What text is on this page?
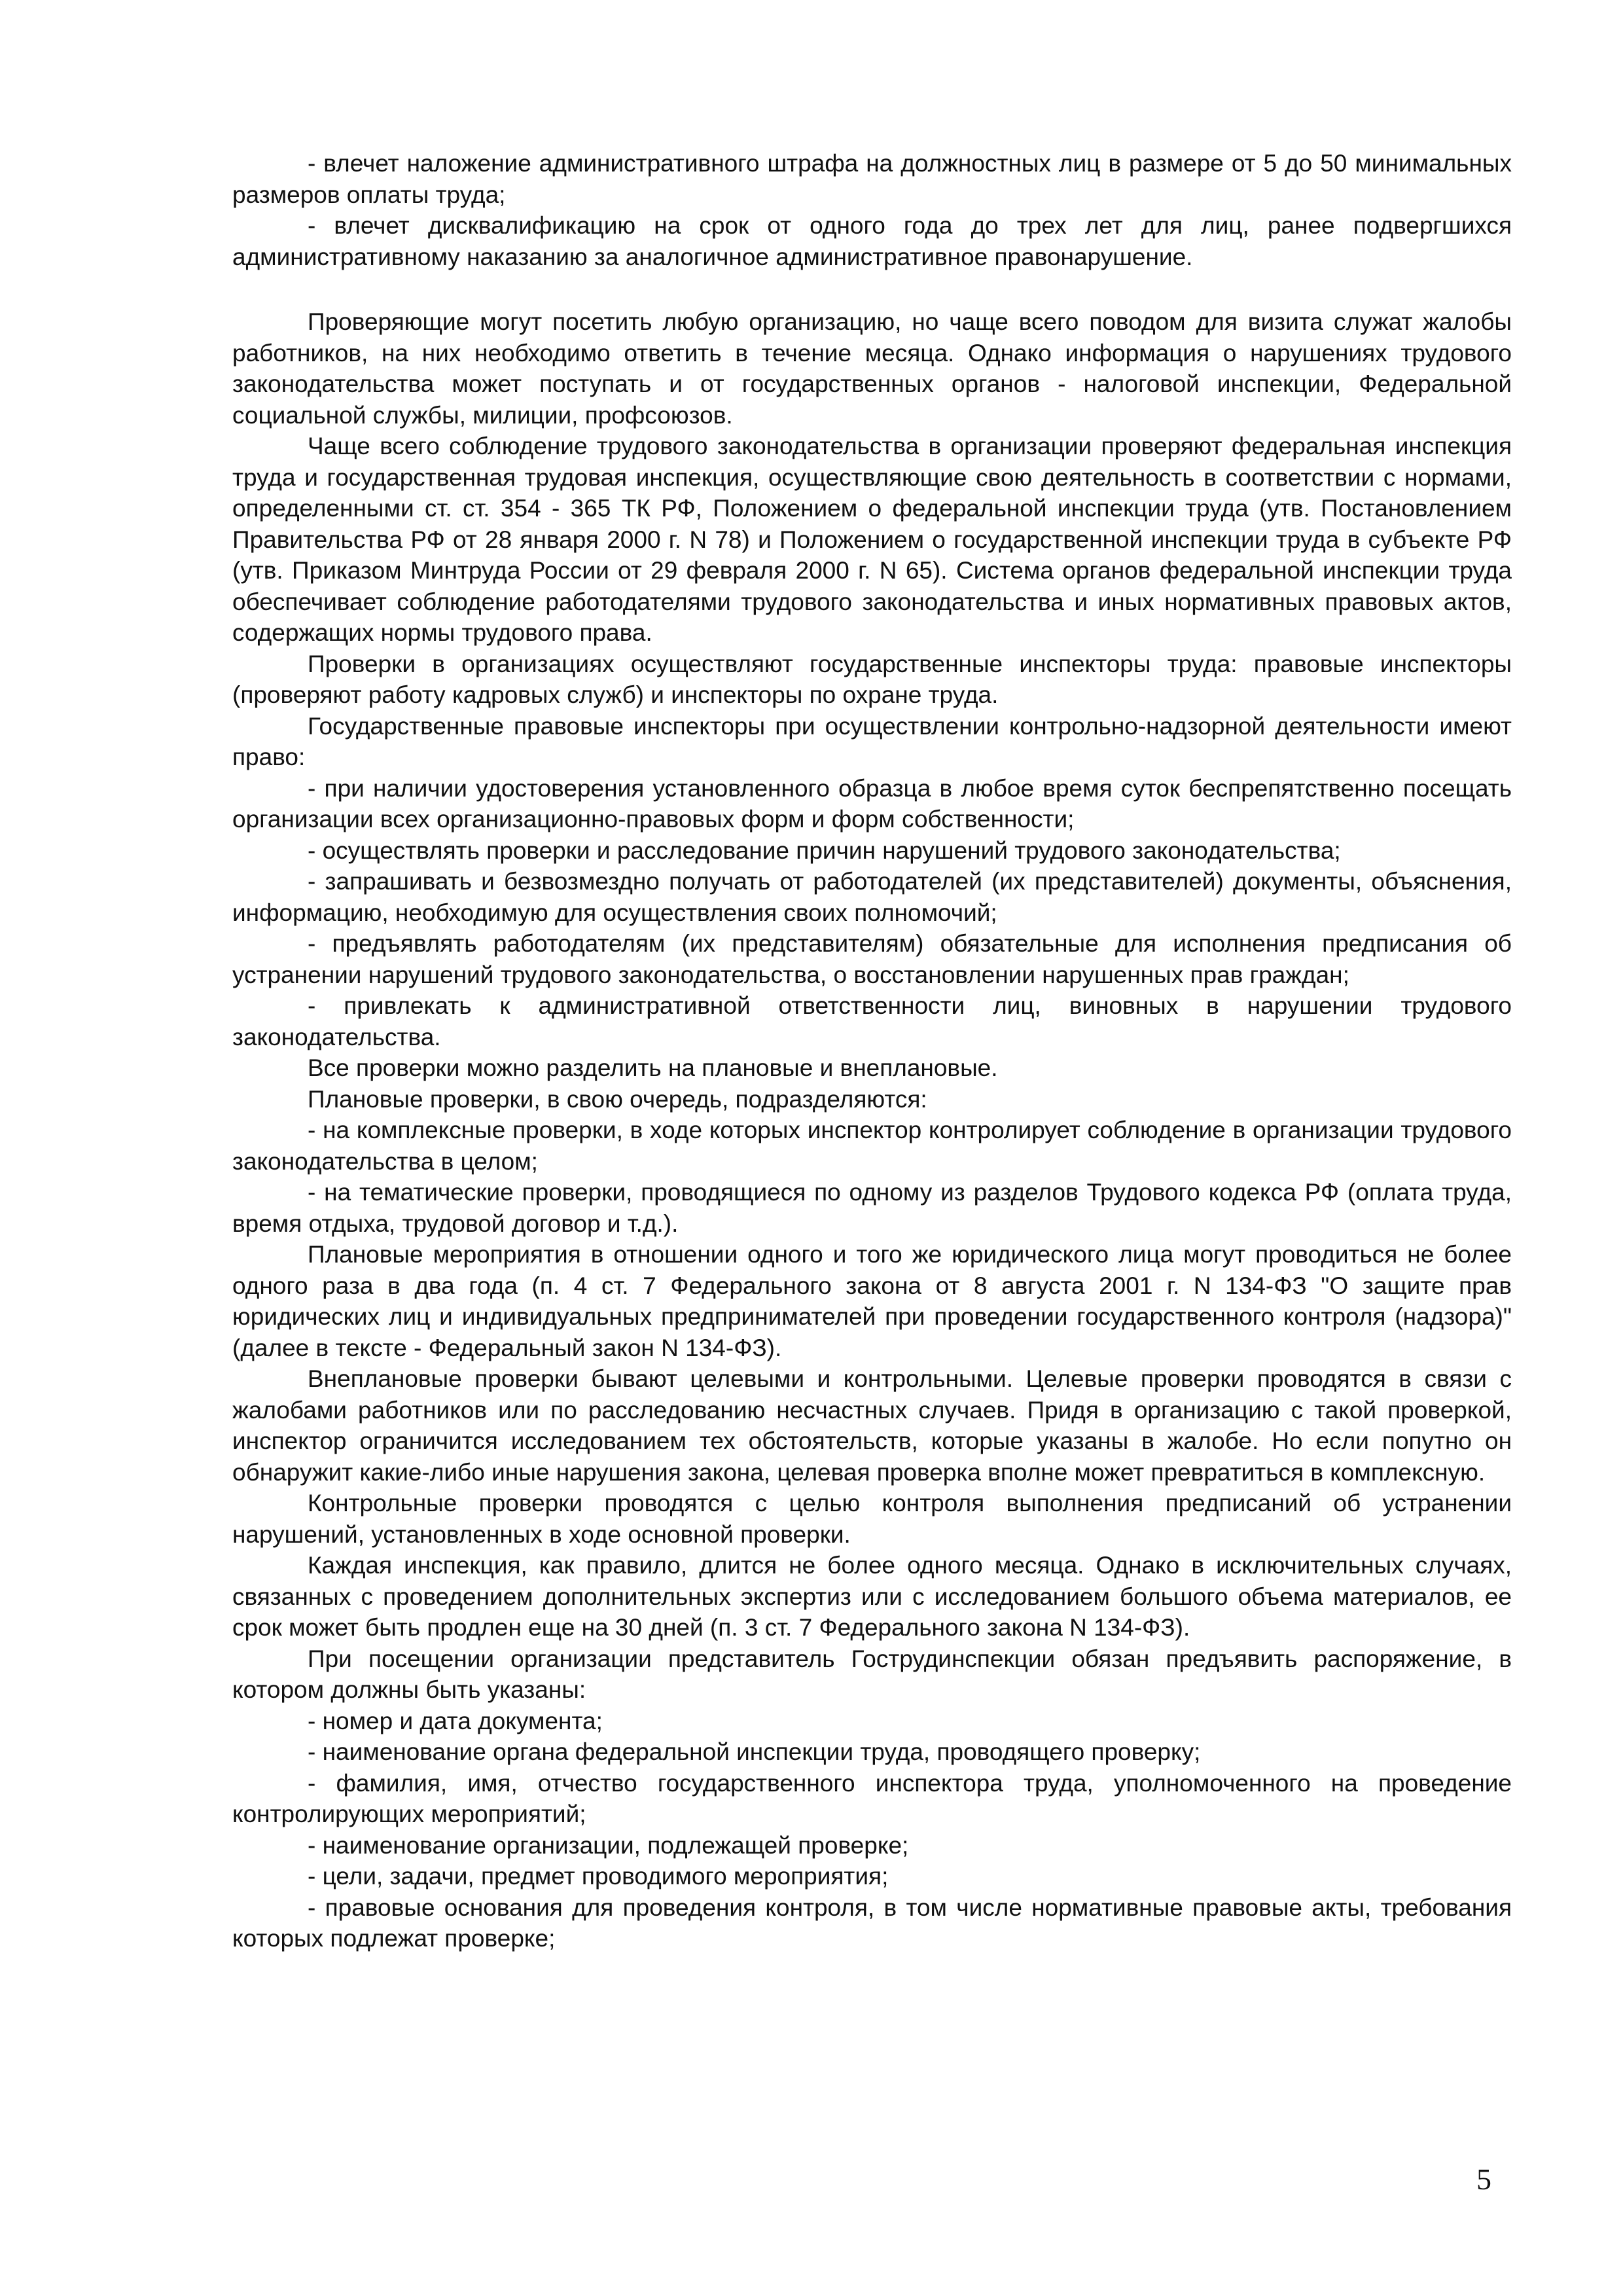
- влечет наложение административного штрафа на должностных лиц в размере от 5 до 50 минимальных размеров оплаты труда;

- влечет дисквалификацию на срок от одного года до трех лет для лиц, ранее подвергшихся административному наказанию за аналогичное административное правонарушение.

Проверяющие могут посетить любую организацию, но чаще всего поводом для визита служат жалобы работников, на них необходимо ответить в течение месяца. Однако информация о нарушениях трудового законодательства может поступать и от государственных органов - налоговой инспекции, Федеральной социальной службы, милиции, профсоюзов.

Чаще всего соблюдение трудового законодательства в организации проверяют федеральная инспекция труда и государственная трудовая инспекция, осуществляющие свою деятельность в соответствии с нормами, определенными ст. ст. 354 - 365 ТК РФ, Положением о федеральной инспекции труда (утв. Постановлением Правительства РФ от 28 января 2000 г. N 78) и Положением о государственной инспекции труда в субъекте РФ (утв. Приказом Минтруда России от 29 февраля 2000 г. N 65). Система органов федеральной инспекции труда обеспечивает соблюдение работодателями трудового законодательства и иных нормативных правовых актов, содержащих нормы трудового права.

Проверки в организациях осуществляют государственные инспекторы труда: правовые инспекторы (проверяют работу кадровых служб) и инспекторы по охране труда.

Государственные правовые инспекторы при осуществлении контрольно-надзорной деятельности имеют право:

- при наличии удостоверения установленного образца в любое время суток беспрепятственно посещать организации всех организационно-правовых форм и форм собственности;

- осуществлять проверки и расследование причин нарушений трудового законодательства;

- запрашивать и безвозмездно получать от работодателей (их представителей) документы, объяснения, информацию, необходимую для осуществления своих полномочий;

- предъявлять работодателям (их представителям) обязательные для исполнения предписания об устранении нарушений трудового законодательства, о восстановлении нарушенных прав граждан;

- привлекать к административной ответственности лиц, виновных в нарушении трудового законодательства.

Все проверки можно разделить на плановые и внеплановые.

Плановые проверки, в свою очередь, подразделяются:

- на комплексные проверки, в ходе которых инспектор контролирует соблюдение в организации трудового законодательства в целом;

- на тематические проверки, проводящиеся по одному из разделов Трудового кодекса РФ (оплата труда, время отдыха, трудовой договор и т.д.).

Плановые мероприятия в отношении одного и того же юридического лица могут проводиться не более одного раза в два года (п. 4 ст. 7 Федерального закона от 8 августа 2001 г. N 134-ФЗ "О защите прав юридических лиц и индивидуальных предпринимателей при проведении государственного контроля (надзора)" (далее в тексте - Федеральный закон N 134-ФЗ).

Внеплановые проверки бывают целевыми и контрольными. Целевые проверки проводятся в связи с жалобами работников или по расследованию несчастных случаев. Придя в организацию с такой проверкой, инспектор ограничится исследованием тех обстоятельств, которые указаны в жалобе. Но если попутно он обнаружит какие-либо иные нарушения закона, целевая проверка вполне может превратиться в комплексную.

Контрольные проверки проводятся с целью контроля выполнения предписаний об устранении нарушений, установленных в ходе основной проверки.

Каждая инспекция, как правило, длится не более одного месяца. Однако в исключительных случаях, связанных с проведением дополнительных экспертиз или с исследованием большого объема материалов, ее срок может быть продлен еще на 30 дней (п. 3 ст. 7 Федерального закона N 134-ФЗ).

При посещении организации представитель Гострудинспекции обязан предъявить распоряжение, в котором должны быть указаны:

- номер и дата документа;

- наименование органа федеральной инспекции труда, проводящего проверку;

- фамилия, имя, отчество государственного инспектора труда, уполномоченного на проведение контролирующих мероприятий;

- наименование организации, подлежащей проверке;

- цели, задачи, предмет проводимого мероприятия;

- правовые основания для проведения контроля, в том числе нормативные правовые акты, требования которых подлежат проверке;

5
